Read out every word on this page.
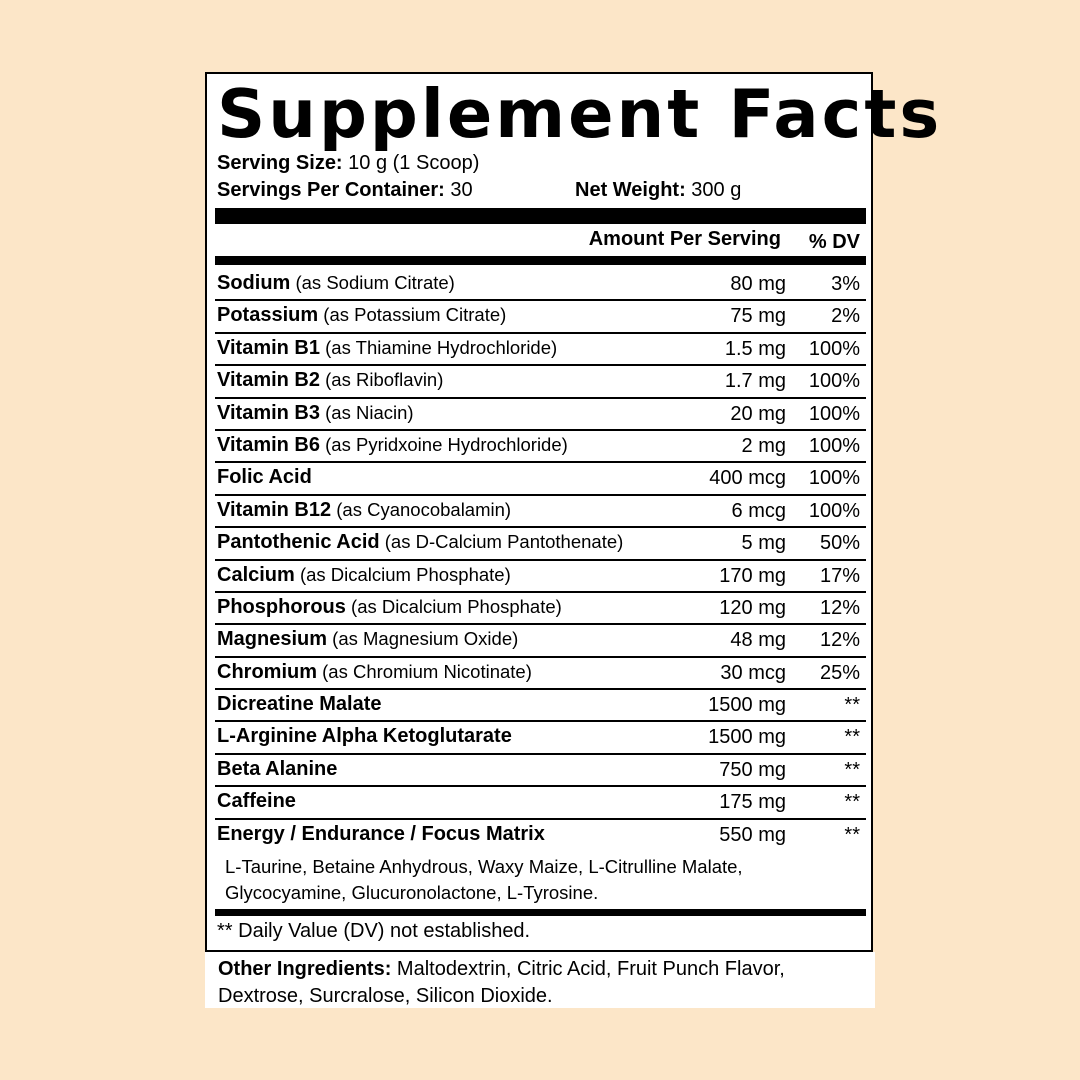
Supplement Facts
Serving Size: 10 g (1 Scoop)
Servings Per Container: 30	Net Weight: 300 g
Amount Per Serving % DV
Sodium (as Sodium Citrate)	80 mg 3%
Potassium (as Potassium Citrate)	75 mg 2%
Vitamin B1 (as Thiamine Hydrochloride)	1.5 mg 100%
Vitamin B2 (as Riboflavin)	1.7 mg 100%
Vitamin B3 (as Niacin)	20 mg 100%
Vitamin B6 (as Pyridxoine Hydrochloride)	2 mg 100%
Folic Acid	400 mcg 100%
Vitamin B12 (as Cyanocobalamin)	6 mcg 100%
Pantothenic Acid (as D-Calcium Pantothenate)	5 mg 50%
Calcium (as Dicalcium Phosphate)	170 mg 17%
Phosphorous (as Dicalcium Phosphate)	120 mg 12%
Magnesium (as Magnesium Oxide)	48 mg 12%
Chromium (as Chromium Nicotinate)	30 mcg 25%
Dicreatine Malate	1500 mg	**
L-Arginine Alpha Ketoglutarate	1500 mg	**
Beta Alanine	750 mg	**
Caffeine	175 mg	**
Energy / Endurance / Focus Matrix	550 mg	**
L-Taurine, Betaine Anhydrous, Waxy Maize, L-Citrulline Malate,
Glycocyamine, Glucuronolactone, L-Tyrosine.
** Daily Value (DV) not established.
Other Ingredients: Maltodextrin, Citric Acid, Fruit Punch Flavor, Dextrose, Surcralose, Silicon Dioxide.
